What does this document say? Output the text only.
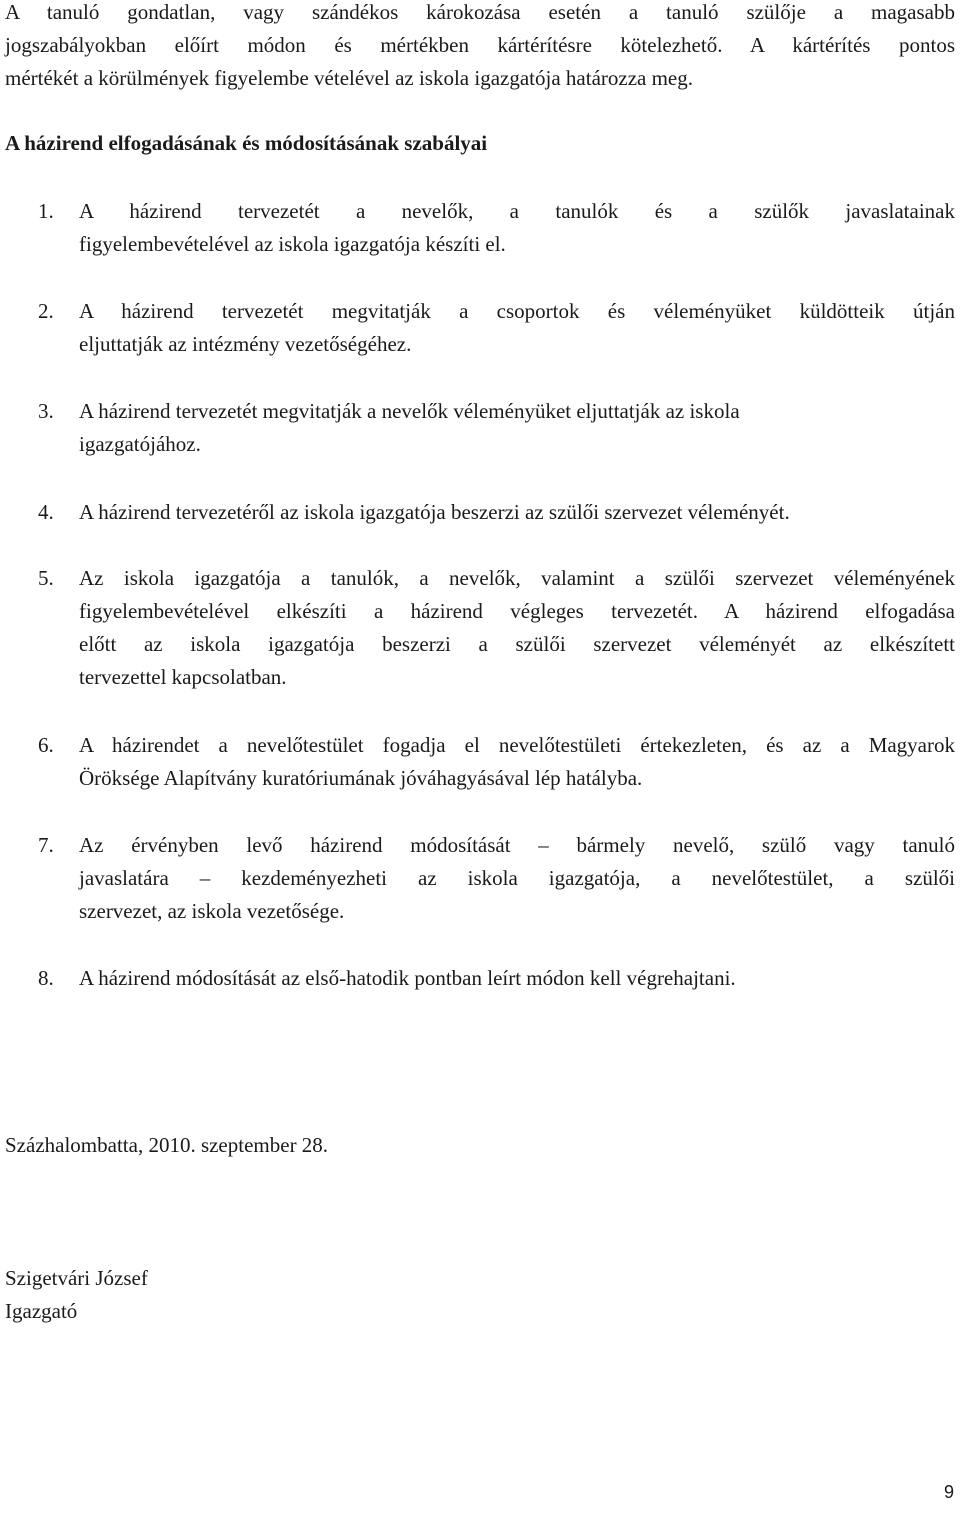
A tanuló gondatlan, vagy szándékos károkozása esetén a tanuló szülője a magasabb
jogszabályokban előírt módon és mértékben kártérítésre kötelezhető. A kártérítés pontos
mértékét a körülmények figyelembe vételével az iskola igazgatója határozza meg.
A házirend elfogadásának és módosításának szabályai
1. A házirend tervezetét a nevelők, a tanulók és a szülők javaslatainak
figyelembevételével az iskola igazgatója készíti el.
2. A házirend tervezetét megvitatják a csoportok és véleményüket küldötteik útján
eljuttatják az intézmény vezetőségéhez.
3. A házirend tervezetét megvitatják a nevelők véleményüket eljuttatják az iskola
igazgatójához.
4. A házirend tervezetéről az iskola igazgatója beszerzi az szülői szervezet véleményét.
5. Az iskola igazgatója a tanulók, a nevelők, valamint a szülői szervezet véleményének
figyelembevételével elkészíti a házirend végleges tervezetét. A házirend elfogadása
előtt az iskola igazgatója beszerzi a szülői szervezet véleményét az elkészített
tervezettel kapcsolatban.
6. A házirendet a nevelőtestület fogadja el nevelőtestületi értekezleten, és az a Magyarok
Öröksége Alapítvány kuratóriumának jóváhagyásával lép hatályba.
7. Az érvényben levő házirend módosítását – bármely nevelő, szülő vagy tanuló
javaslatára – kezdeményezheti az iskola igazgatója, a nevelőtestület, a szülői
szervezet, az iskola vezetősége.
8. A házirend módosítását az első-hatodik pontban leírt módon kell végrehajtani.
Százhalombatta, 2010. szeptember 28.
Szigetvári József
Igazgató
9
